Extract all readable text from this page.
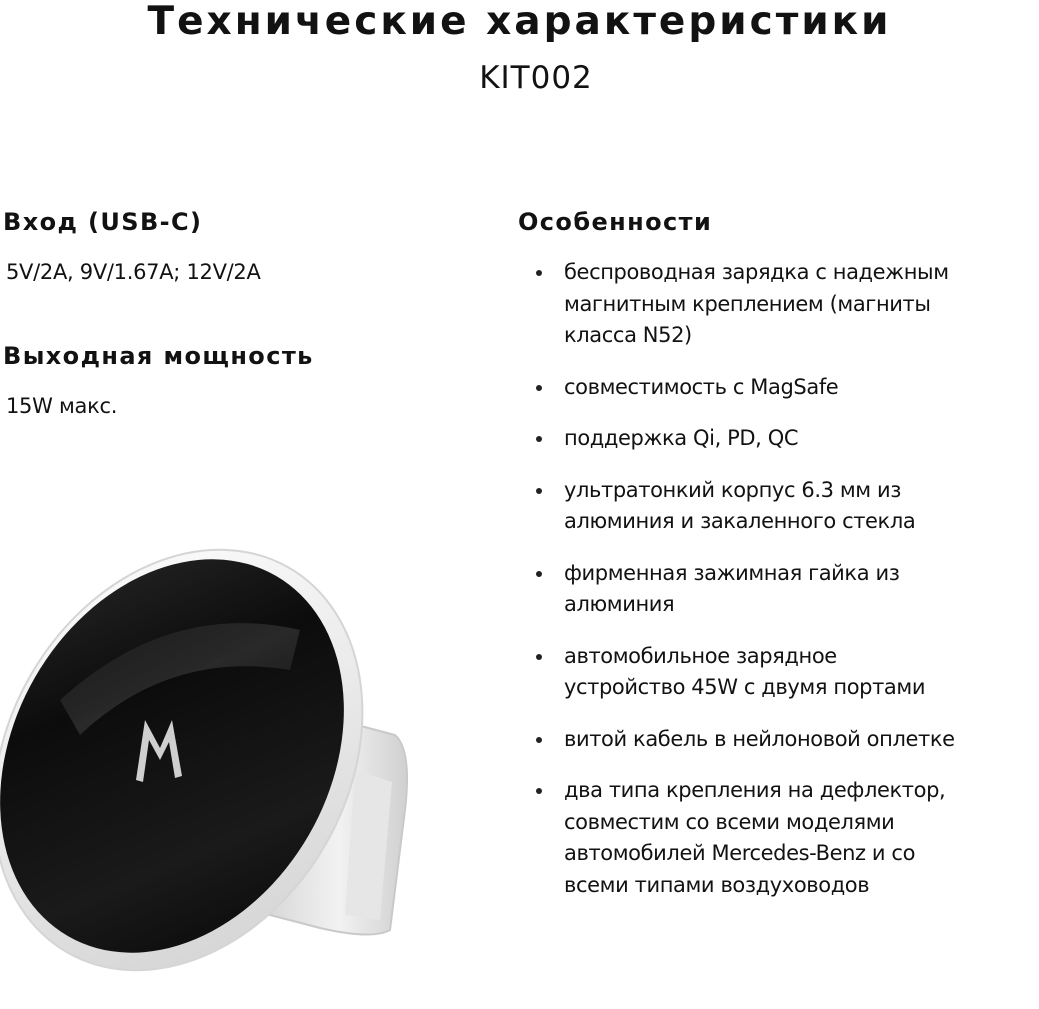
Технические характеристики
KIT002
Вход (USB-C)
5V/2A, 9V/1.67A; 12V/2A
Выходная мощность
15W макс.
Особенности
беспроводная зарядка с надежным
магнитным креплением (магниты
класса N52)
совместимость с MagSafe
поддержка Qi, PD, QC
ультратонкий корпус 6.3 мм из
алюминия и закаленного стекла
фирменная зажимная гайка из
алюминия
автомобильное зарядное
устройство 45W с двумя портами
витой кабель в нейлоновой оплетке
два типа крепления на дефлектор,
совместим со всеми моделями
автомобилей Mercedes-Benz и со
всеми типами воздуховодов
